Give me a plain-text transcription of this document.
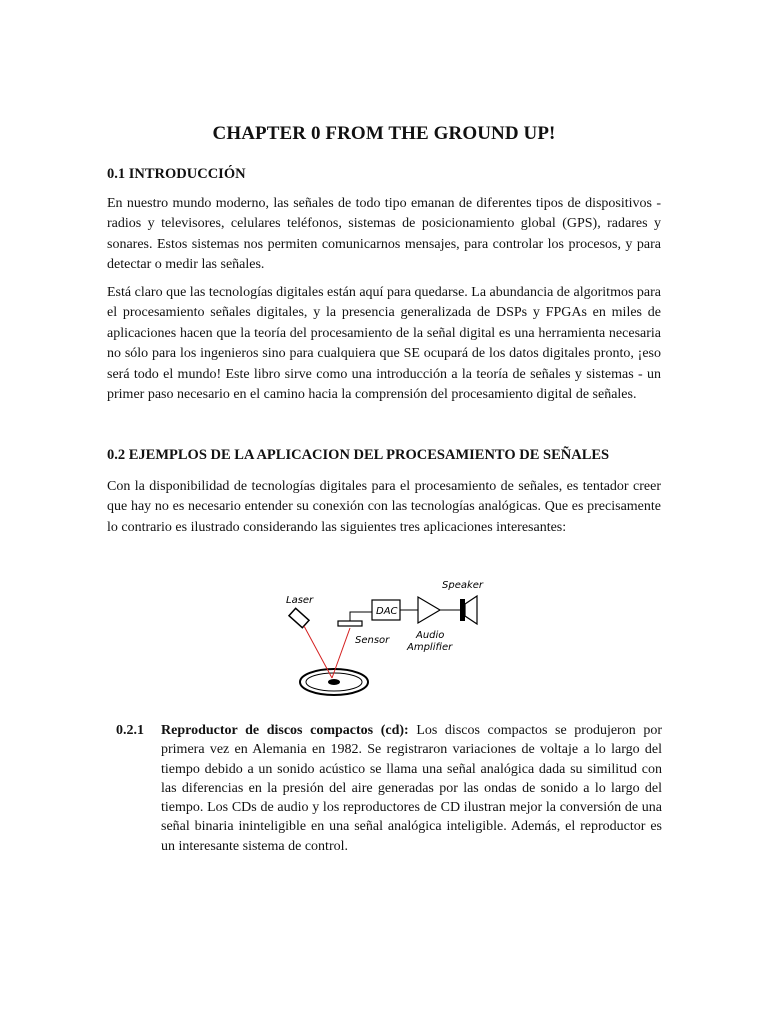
CHAPTER 0 FROM THE GROUND UP!
0.1 INTRODUCCIÓN

En nuestro mundo moderno, las señales de todo tipo emanan de diferentes tipos de dispositivos - radios y televisores, celulares teléfonos, sistemas de posicionamiento global (GPS), radares y sonares. Estos sistemas nos permiten comunicarnos mensajes, para controlar los procesos, y para detectar o medir las señales.

Está claro que las tecnologías digitales están aquí para quedarse. La abundancia de algoritmos para el procesamiento señales digitales, y la presencia generalizada de DSPs y FPGAs en miles de aplicaciones hacen que la teoría del procesamiento de la señal digital es una herramienta necesaria no sólo para los ingenieros sino para cualquiera que SE ocupará de los datos digitales pronto, ¡eso será todo el mundo! Este libro sirve como una introducción a la teoría de señales y sistemas - un primer paso necesario en el camino hacia la comprensión del procesamiento digital de señales.

0.2 EJEMPLOS DE LA APLICACION DEL PROCESAMIENTO DE SEÑALES

Con la disponibilidad de tecnologías digitales para el procesamiento de señales, es tentador creer que hay no es necesario entender su conexión con las tecnologías analógicas. Que es precisamente lo contrario es ilustrado considerando las siguientes tres aplicaciones interesantes:

Laser
DAC
Sensor
Speaker
Audio
Amplifier
0.2.1 Reproductor de discos compactos (cd): Los discos compactos se produjeron por primera vez en Alemania en 1982. Se registraron variaciones de voltaje a lo largo del tiempo debido a un sonido acústico se llama una señal analógica dada su similitud con las diferencias en la presión del aire generadas por las ondas de sonido a lo largo del tiempo. Los CDs de audio y los reproductores de CD ilustran mejor la conversión de una señal binaria ininteligible en una señal analógica inteligible. Además, el reproductor es un interesante sistema de control.
